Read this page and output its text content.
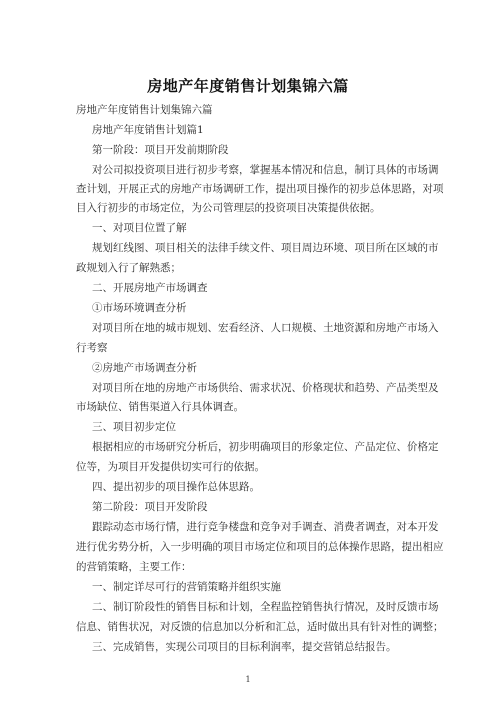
房地产年度销售计划集锦六篇
房地产年度销售计划集锦六篇
房地产年度销售计划篇1
第一阶段：项目开发前期阶段
对公司拟投资项目进行初步考察，掌握基本情况和信息，制订具体的市场调
查计划，开展正式的房地产市场调研工作，提出项目操作的初步总体思路，对项
目入行初步的市场定位，为公司管理层的投资项目决策提供依据。
一、对项目位置了解
规划红线图、项目相关的法律手续文件、项目周边环境、项目所在区域的市
政规划入行了解熟悉；
二、开展房地产市场调查
①市场环境调查分析
对项目所在地的城市规划、宏看经济、人口规模、土地资源和房地产市场入
行考察
②房地产市场调查分析
对项目所在地的房地产市场供给、需求状况、价格现状和趋势、产品类型及
市场缺位、销售渠道入行具体调查。
三、项目初步定位
根据相应的市场研究分析后，初步明确项目的形象定位、产品定位、价格定
位等，为项目开发提供切实可行的依据。
四、提出初步的项目操作总体思路。
第二阶段：项目开发阶段
跟踪动态市场行情，进行竞争楼盘和竞争对手调查、消费者调查，对本开发
进行优劣势分析，入一步明确的项目市场定位和项目的总体操作思路，提出相应
的营销策略，主要工作：
一、制定详尽可行的营销策略并组织实施
二、制订阶段性的销售目标和计划，全程监控销售执行情况，及时反馈市场
信息、销售状况，对反馈的信息加以分析和汇总，适时做出具有针对性的调整；
三、完成销售，实现公司项目的目标利润率，提交营销总结报告。
1
